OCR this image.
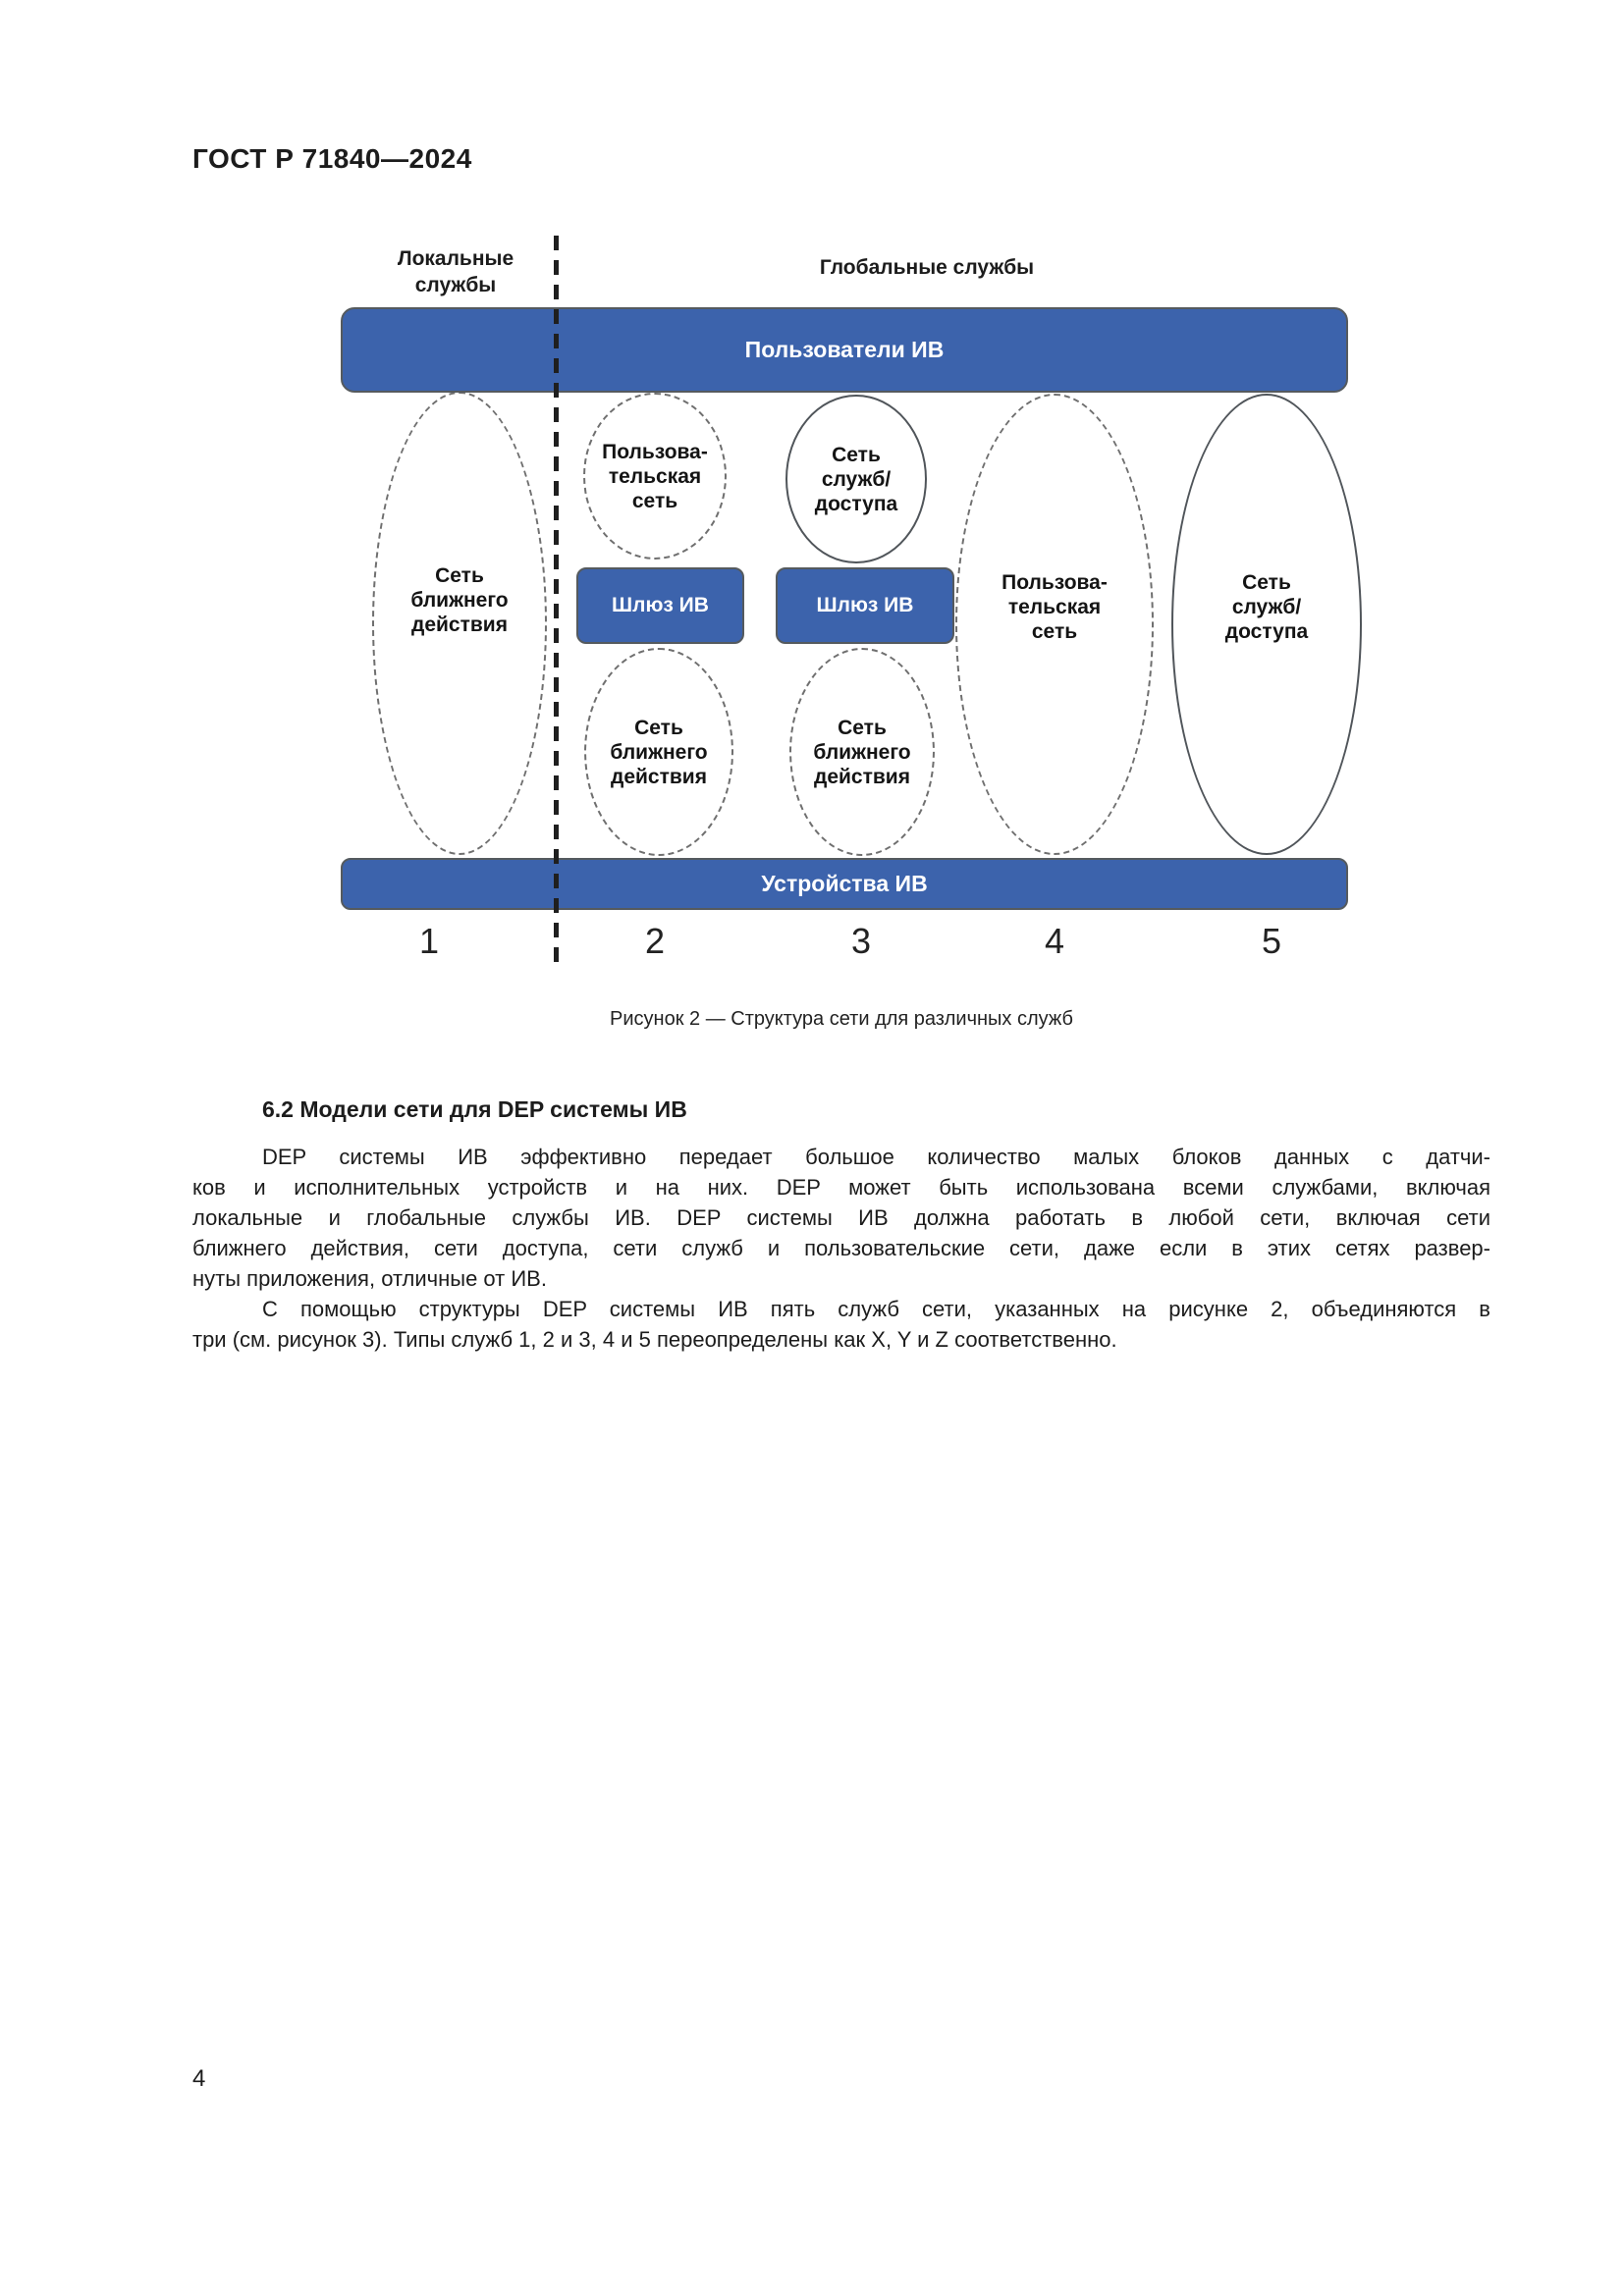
ГОСТ Р 71840—2024
Локальные службы
Глобальные службы
Пользователи ИВ
Сеть
ближнего
действия
Пользова-
тельская
сеть
Шлюз ИВ
Сеть
ближнего
действия
Сеть
служб/
доступа
Шлюз ИВ
Сеть
ближнего
действия
Пользова-
тельская
сеть
Сеть
служб/
доступа
Устройства ИВ
1	2	3	4	5
Рисунок 2 — Структура сети для различных служб
6.2 Модели сети для DEP системы ИВ
DEP системы ИВ эффективно передает большое количество малых блоков данных с датчи-
ков и исполнительных устройств и на них. DEP может быть использована всеми службами, включая
локальные и глобальные службы ИВ. DEP системы ИВ должна работать в любой сети, включая сети
ближнего действия, сети доступа, сети служб и пользовательские сети, даже если в этих сетях развер-
нуты приложения, отличные от ИВ.
С помощью структуры DEP системы ИВ пять служб сети, указанных на рисунке 2, объединяются в
три (см. рисунок 3). Типы служб 1, 2 и 3, 4 и 5 переопределены как X, Y и Z соответственно.
4
